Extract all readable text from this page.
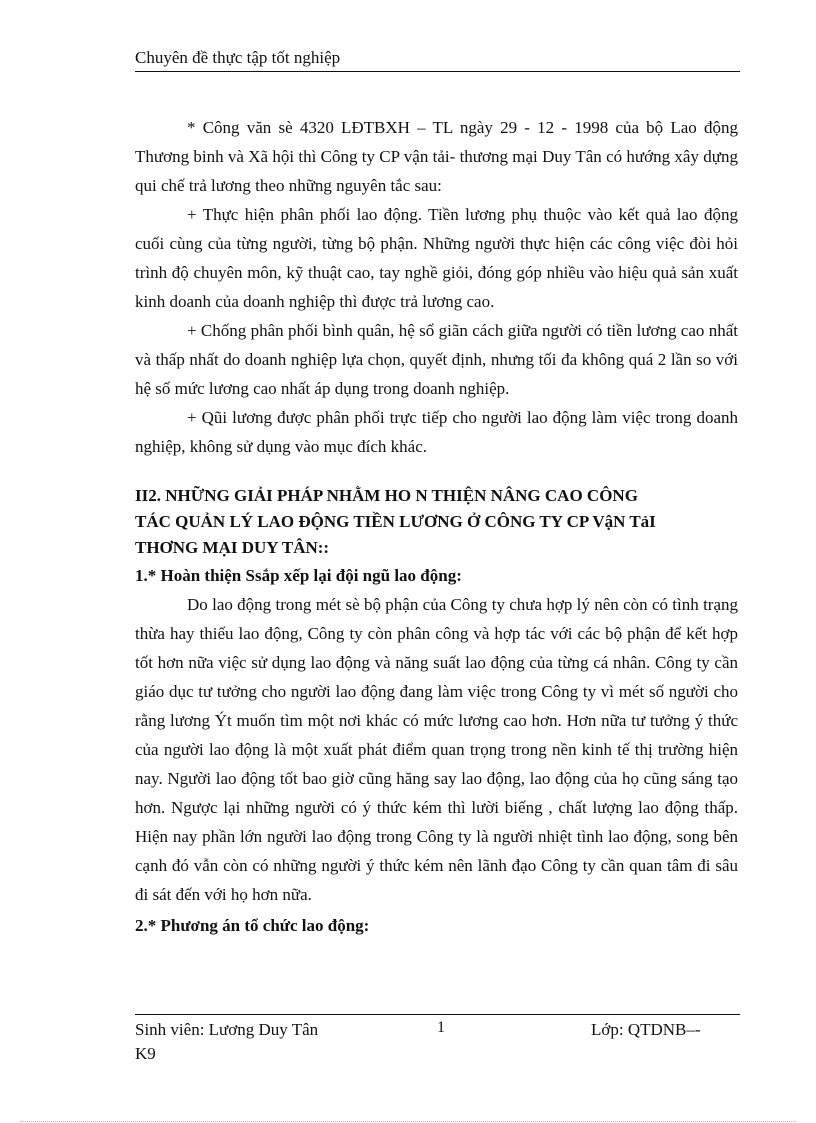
Chuyên đề thực tập tốt nghiệp

* Công văn sè 4320 LĐTBXH – TL ngày 29 - 12 - 1998 của bộ Lao động Thương binh và Xã hội thì Công ty CP vận tải- thương mại Duy Tân có hướng xây dựng qui chế trả lương theo những nguyên tắc sau:

+ Thực hiện phân phối lao động. Tiền lương phụ thuộc vào kết quả lao động cuối cùng của từng người, từng bộ phận. Những người thực hiện các công việc đòi hỏi trình độ chuyên môn, kỹ thuật cao, tay nghề giỏi, đóng góp nhiều vào hiệu quả sản xuất kinh doanh của doanh nghiệp thì được trả lương cao.

+ Chống phân phối bình quân, hệ số giãn cách giữa người có tiền lương cao nhất và thấp nhất do doanh nghiệp lựa chọn, quyết định, nhưng tối đa không quá 2 lần so với hệ số mức lương cao nhất áp dụng trong doanh nghiệp.

+ Qũi lương được phân phối trực tiếp cho người lao động làm việc trong doanh nghiệp, không sử dụng vào mục đích khác.

II2. NHỮNG GIẢI PHÁP NHẰM HO N THIỆN NÂNG CAO CÔNG
TÁC QUẢN LÝ LAO ĐỘNG TIỀN LƯƠNG Ở CÔNG TY CP VậN TảI
THƠNG MẠI DUY TÂN::

1.* Hoàn thiện Ssắp xếp lại đội ngũ lao động:

Do lao động trong mét sè bộ phận của Công ty chưa hợp lý nên còn có tình trạng thừa hay thiếu lao động, Công ty còn phân công và hợp tác với các bộ phận để kết hợp tốt hơn nữa việc sử dụng lao động và năng suất lao động của từng cá nhân. Công ty cần giáo dục tư tưởng cho người lao động đang làm việc trong Công ty vì mét số người cho rằng lương Ýt muốn tìm một nơi khác có mức lương cao hơn. Hơn nữa tư tưởng ý thức của người lao động là một xuất phát điểm quan trọng trong nền kinh tế thị trường hiện nay. Người lao động tốt bao giờ cũng hăng say lao động, lao động của họ cũng sáng tạo hơn. Ngược lại những người có ý thức kém thì lười biếng , chất lượng lao động thấp. Hiện nay phần lớn người lao động trong Công ty là người nhiệt tình lao động, song bên cạnh đó vẫn còn có những người ý thức kém nên lãnh đạo Công ty cần quan tâm đi sâu đi sát đến với họ hơn nữa.

2.* Phương án tổ chức lao động:

Sinh viên: Lương Duy Tân	1	Lớp: QTDNB–-
K9
